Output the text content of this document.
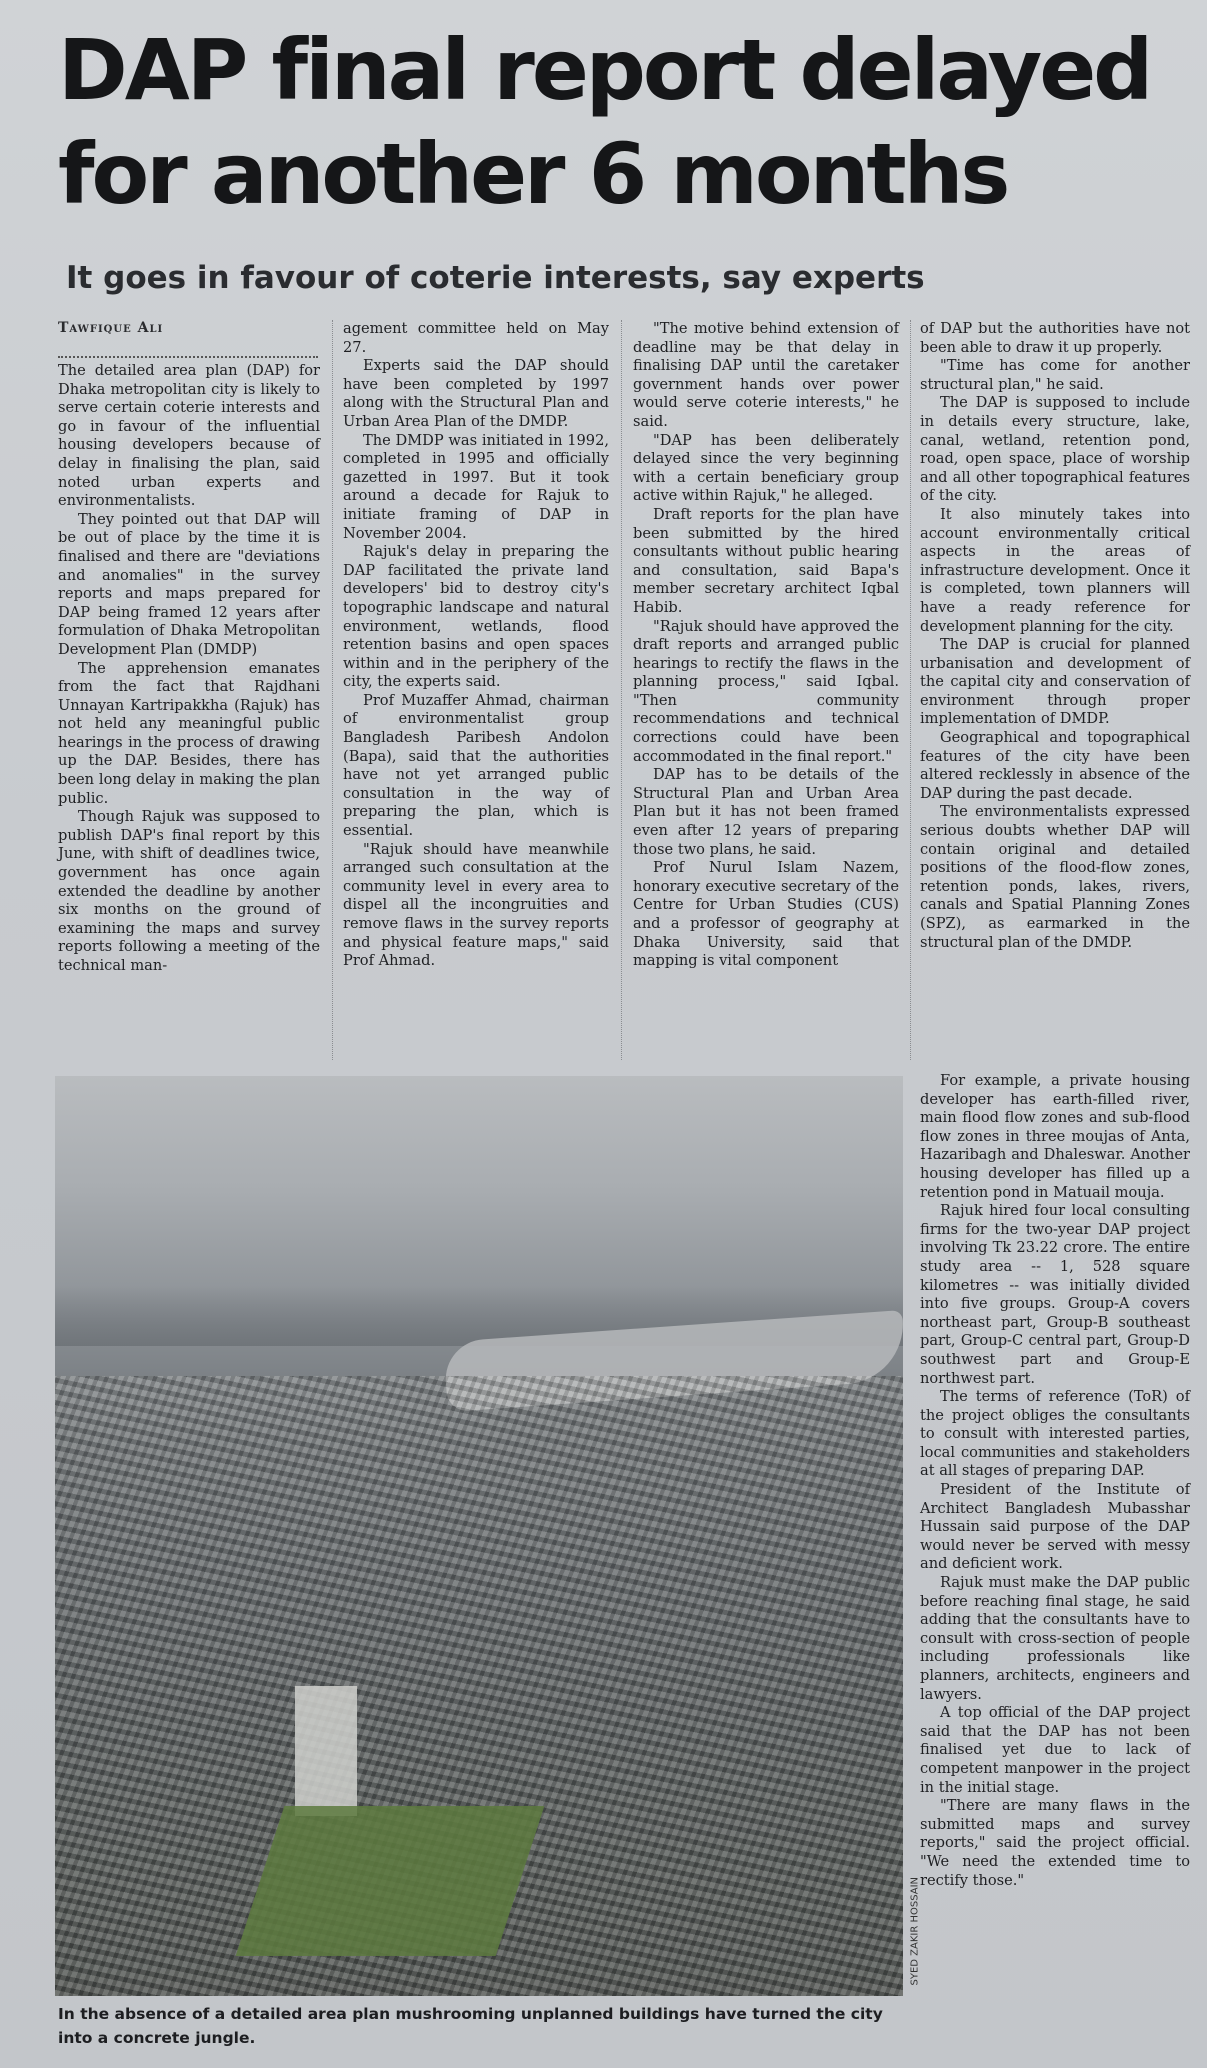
DAP final report delayed
for another 6 months
It goes in favour of coterie interests, say experts
Tawfique Ali

The detailed area plan (DAP) for Dhaka metropolitan city is likely to serve certain coterie interests and go in favour of the influential housing developers because of delay in finalising the plan, said noted urban experts and environmentalists.

They pointed out that DAP will be out of place by the time it is finalised and there are "deviations and anomalies" in the survey reports and maps prepared for DAP being framed 12 years after formulation of Dhaka Metropolitan Development Plan (DMDP)

The apprehension emanates from the fact that Rajdhani Unnayan Kartripakkha (Rajuk) has not held any meaningful public hearings in the process of drawing up the DAP. Besides, there has been long delay in making the plan public.

Though Rajuk was supposed to publish DAP's final report by this June, with shift of deadlines twice, government has once again extended the deadline by another six months on the ground of examining the maps and survey reports following a meeting of the technical man-

agement committee held on May 27.

Experts said the DAP should have been completed by 1997 along with the Structural Plan and Urban Area Plan of the DMDP.

The DMDP was initiated in 1992, completed in 1995 and officially gazetted in 1997. But it took around a decade for Rajuk to initiate framing of DAP in November 2004.

Rajuk's delay in preparing the DAP facilitated the private land developers' bid to destroy city's topographic landscape and natural environment, wetlands, flood retention basins and open spaces within and in the periphery of the city, the experts said.

Prof Muzaffer Ahmad, chairman of environmentalist group Bangladesh Paribesh Andolon (Bapa), said that the authorities have not yet arranged public consultation in the way of preparing the plan, which is essential.

"Rajuk should have meanwhile arranged such consultation at the community level in every area to dispel all the incongruities and remove flaws in the survey reports and physical feature maps," said Prof Ahmad.

"The motive behind extension of deadline may be that delay in finalising DAP until the caretaker government hands over power would serve coterie interests," he said.

"DAP has been deliberately delayed since the very beginning with a certain beneficiary group active within Rajuk," he alleged.

Draft reports for the plan have been submitted by the hired consultants without public hearing and consultation, said Bapa's member secretary architect Iqbal Habib.

"Rajuk should have approved the draft reports and arranged public hearings to rectify the flaws in the planning process," said Iqbal. "Then community recommendations and technical corrections could have been accommodated in the final report."

DAP has to be details of the Structural Plan and Urban Area Plan but it has not been framed even after 12 years of preparing those two plans, he said.

Prof Nurul Islam Nazem, honorary executive secretary of the Centre for Urban Studies (CUS) and a professor of geography at Dhaka University, said that mapping is vital component

of DAP but the authorities have not been able to draw it up properly.

"Time has come for another structural plan," he said.

The DAP is supposed to include in details every structure, lake, canal, wetland, retention pond, road, open space, place of worship and all other topographical features of the city.

It also minutely takes into account environmentally critical aspects in the areas of infrastructure development. Once it is completed, town planners will have a ready reference for development planning for the city.

The DAP is crucial for planned urbanisation and development of the capital city and conservation of environment through proper implementation of DMDP.

Geographical and topographical features of the city have been altered recklessly in absence of the DAP during the past decade.

The environmentalists expressed serious doubts whether DAP will contain original and detailed positions of the flood-flow zones, retention ponds, lakes, rivers, canals and Spatial Planning Zones (SPZ), as earmarked in the structural plan of the DMDP.

For example, a private housing developer has earth-filled river, main flood flow zones and sub-flood flow zones in three moujas of Anta, Hazaribagh and Dhaleswar. Another housing developer has filled up a retention pond in Matuail mouja.

Rajuk hired four local consulting firms for the two-year DAP project involving Tk 23.22 crore. The entire study area -- 1, 528 square kilometres -- was initially divided into five groups. Group-A covers northeast part, Group-B southeast part, Group-C central part, Group-D southwest part and Group-E northwest part.

The terms of reference (ToR) of the project obliges the consultants to consult with interested parties, local communities and stakeholders at all stages of preparing DAP.

President of the Institute of Architect Bangladesh Mubasshar Hussain said purpose of the DAP would never be served with messy and deficient work.

Rajuk must make the DAP public before reaching final stage, he said adding that the consultants have to consult with cross-section of people including professionals like planners, architects, engineers and lawyers.

A top official of the DAP project said that the DAP has not been finalised yet due to lack of competent manpower in the project in the initial stage.

"There are many flaws in the submitted maps and survey reports," said the project official. "We need the extended time to rectify those."

SYED ZAKIR HOSSAIN

In the absence of a detailed area plan mushrooming unplanned buildings have turned the city into a concrete jungle.
